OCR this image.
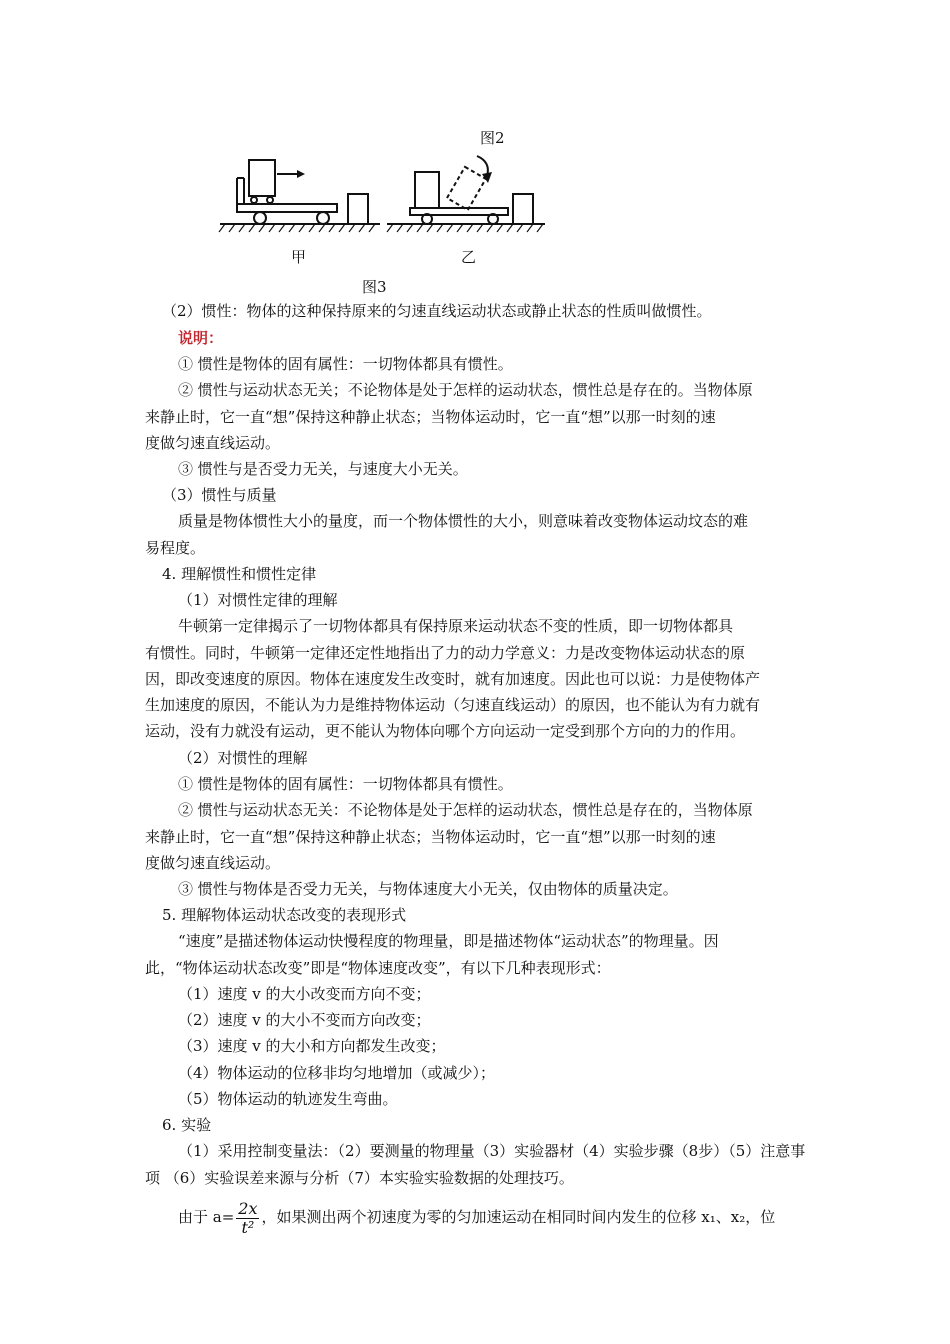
图2
甲	乙
图3
（2）惯性：物体的这种保持原来的匀速直线运动状态或静止状态的性质叫做惯性。
说明：
① 惯性是物体的固有属性：一切物体都具有惯性。
② 惯性与运动状态无关；不论物体是处于怎样的运动状态，惯性总是存在的。当物体原
来静止时，它一直“想”保持这种静止状态；当物体运动时，它一直“想”以那一时刻的速
度做匀速直线运动。
③ 惯性与是否受力无关，与速度大小无关。
（3）惯性与质量
质量是物体惯性大小的量度，而一个物体惯性的大小，则意味着改变物体运动坟态的难
易程度。
4. 理解惯性和惯性定律
（1）对惯性定律的理解
牛顿第一定律揭示了一切物体都具有保持原来运动状态不变的性质，即一切物体都具
有惯性。同时，牛顿第一定律还定性地指出了力的动力学意义：力是改变物体运动状态的原
因，即改变速度的原因。物体在速度发生改变时，就有加速度。因此也可以说：力是使物体产
生加速度的原因，不能认为力是维持物体运动（匀速直线运动）的原因，也不能认为有力就有
运动，没有力就没有运动，更不能认为物体向哪个方向运动一定受到那个方向的力的作用。
（2）对惯性的理解
① 惯性是物体的固有属性：一切物体都具有惯性。
② 惯性与运动状态无关：不论物体是处于怎样的运动状态，惯性总是存在的，当物体原
来静止时，它一直“想”保持这种静止状态；当物体运动时，它一直“想”以那一时刻的速
度做匀速直线运动。
③ 惯性与物体是否受力无关，与物体速度大小无关，仅由物体的质量决定。
5. 理解物体运动状态改变的表现形式
“速度”是描述物体运动快慢程度的物理量，即是描述物体“运动状态”的物理量。因
此，“物体运动状态改变”即是“物体速度改变”，有以下几种表现形式：
（1）速度 v 的大小改变而方向不变；
（2）速度 v 的大小不变而方向改变；
（3）速度 v 的大小和方向都发生改变；
（4）物体运动的位移非均匀地增加（或减少）；
（5）物体运动的轨迹发生弯曲。
6. 实验
（1）采用控制变量法：（2）要测量的物理量（3）实验器材（4）实验步骤（8步）（5）注意事
项 （6）实验误差来源与分析（7）本实验实验数据的处理技巧。
由于 $a= \frac{2x}{\text{t²}}$ ，如果测出两个初速度为零的匀加速运动在相同时间内发生的位移 x₁、x₂，位
